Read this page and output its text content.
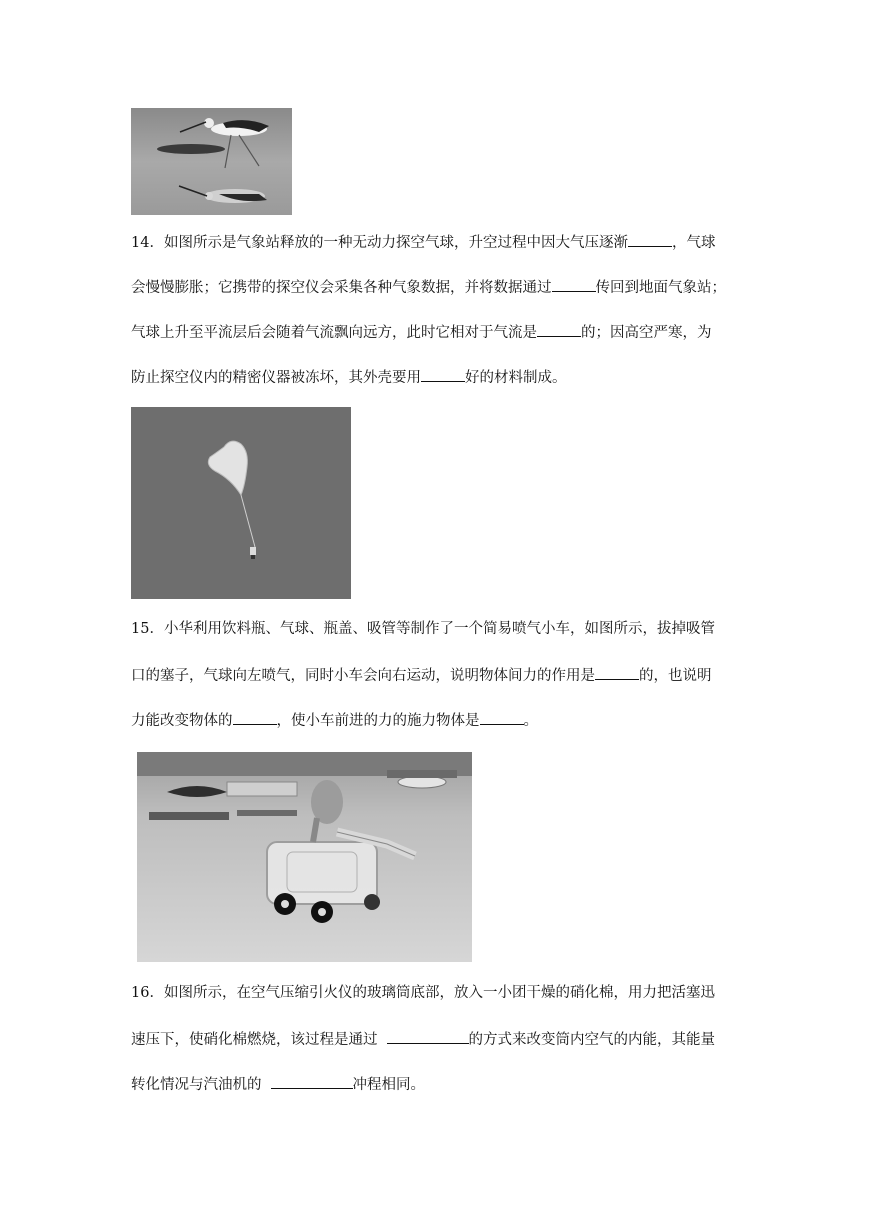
14．如图所示是气象站释放的一种无动力探空气球，升空过程中因大气压逐渐	，气球
会慢慢膨胀；它携带的探空仪会采集各种气象数据，并将数据通过	传回到地面气象站；
气球上升至平流层后会随着气流飘向远方，此时它相对于气流是	的；因高空严寒，为
防止探空仪内的精密仪器被冻坏，其外壳要用	好的材料制成。
15．小华利用饮料瓶、气球、瓶盖、吸管等制作了一个简易喷气小车，如图所示，拔掉吸管
口的塞子，气球向左喷气，同时小车会向右运动，说明物体间力的作用是	的，也说明
力能改变物体的	，使小车前进的力的施力物体是	。
16．如图所示，在空气压缩引火仪的玻璃筒底部，放入一小团干燥的硝化棉，用力把活塞迅
速压下，使硝化棉燃烧，该过程是通过	的方式来改变筒内空气的内能，其能量
转化情况与汽油机的	冲程相同。
